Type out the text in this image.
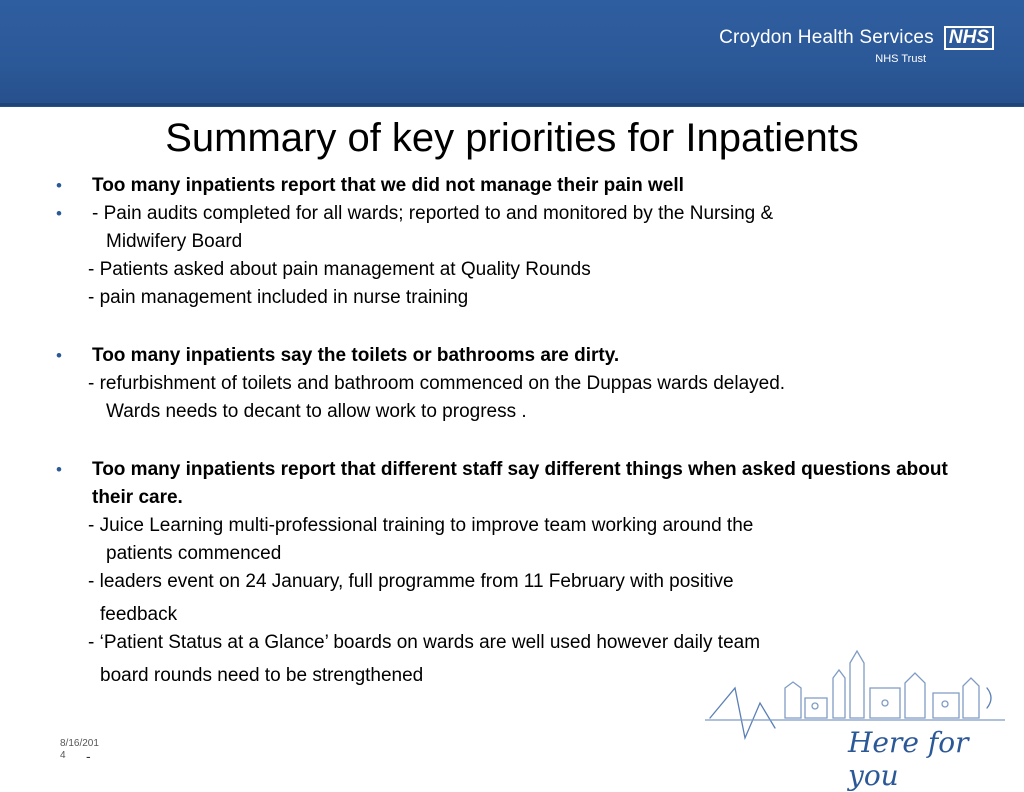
Croydon Health Services NHS
NHS Trust
Summary of key priorities for Inpatients
• Too many inpatients report that we did not manage their pain well
• - Pain audits completed for all wards; reported to and monitored by the Nursing &
Midwifery Board
- Patients asked about pain management at Quality Rounds
- pain management included in nurse training
• Too many inpatients say the toilets or bathrooms are dirty.
- refurbishment of toilets and bathroom commenced on the Duppas wards delayed.
Wards needs to decant to allow work to progress .
• Too many inpatients report that different staff say different things when asked questions about their care.
- Juice Learning multi-professional training to improve team working around the
patients commenced
- leaders event on 24 January, full programme from 11 February with positive
feedback
- ‘Patient Status at a Glance’ boards on wards are well used however daily team
board rounds need to be strengthened
Here for you
8/16/201
4	-
